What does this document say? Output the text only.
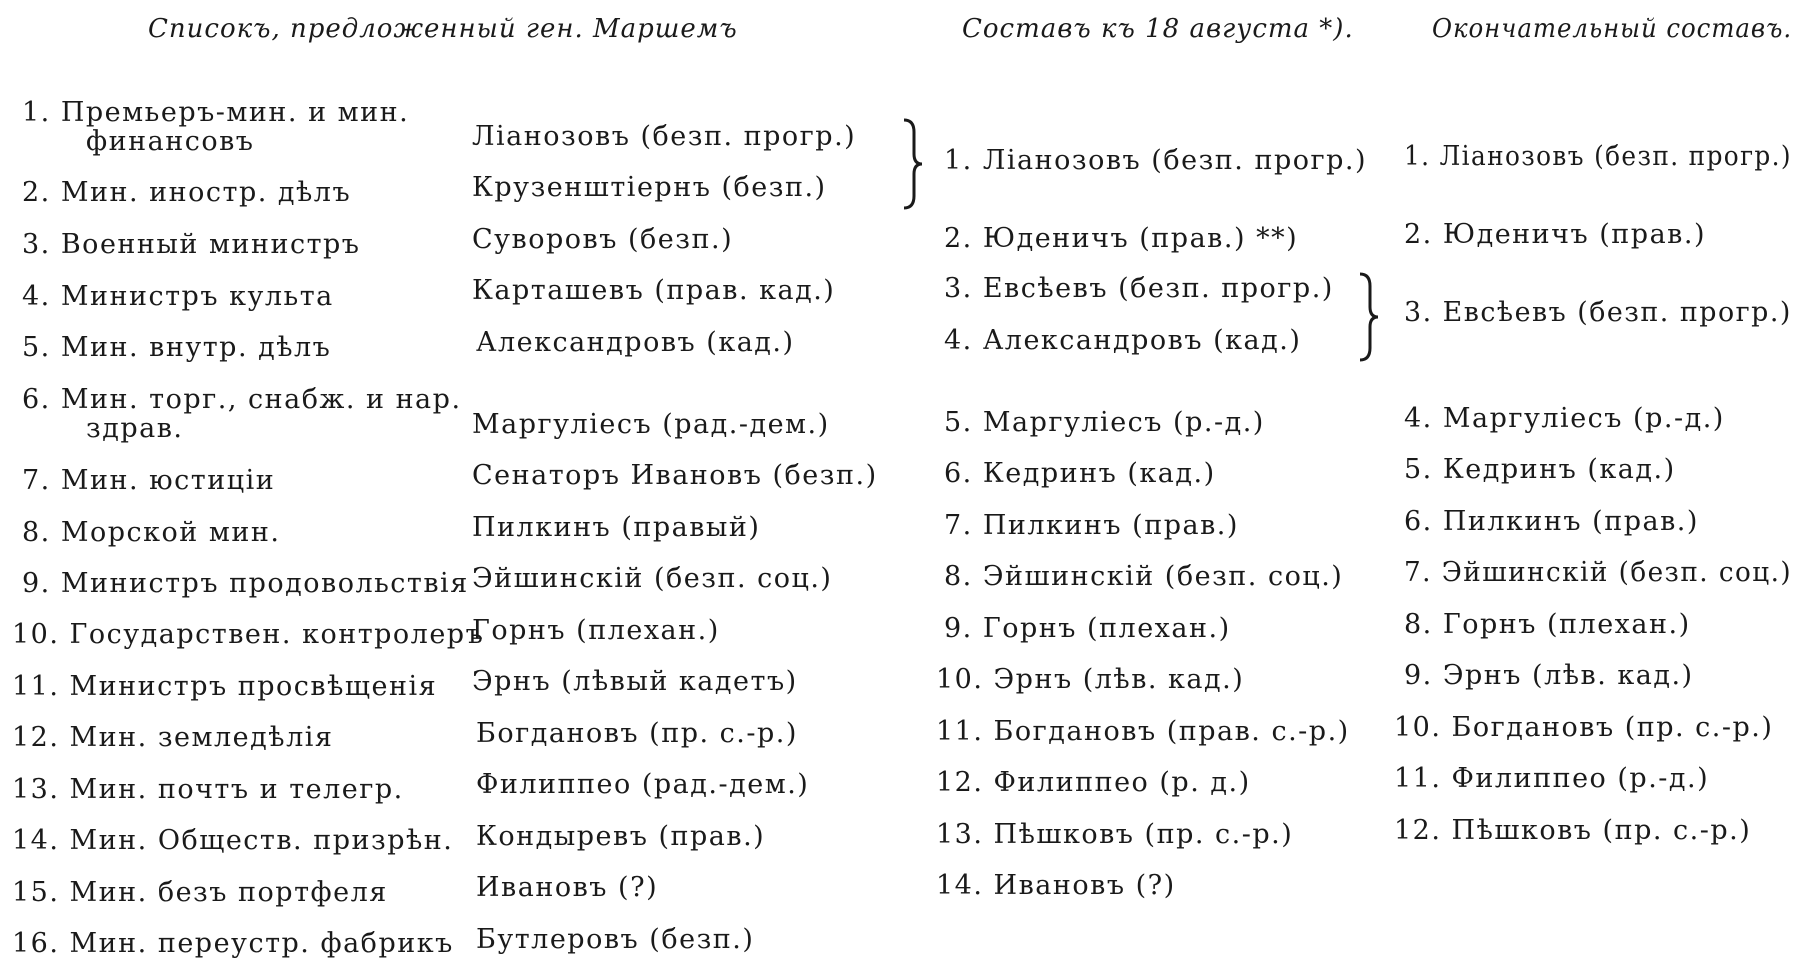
Списокъ, предложенный ген. Маршемъ	Составъ къ 18 августа *).	Окончательный составъ.
1. Премьеръ-мин. и мин.
финансовъ
2. Мин. иностр. дѣлъ
3. Военный министръ
4. Министръ культа
5. Мин. внутр. дѣлъ
6. Мин. торг., снабж. и нар.
здрав.
7. Мин. юстиціи
8. Морской мин.
9. Министръ продовольствія
10. Государствен. контролеръ
11. Министръ просвѣщенія
12. Мин. земледѣлія
13. Мин. почтъ и телегр.
14. Мин. Обществ. призрѣн.
15. Мин. безъ портфеля
16. Мин. переустр. фабрикъ
Ліанозовъ (безп. прогр.)
Крузенштіернъ (безп.)
Суворовъ (безп.)
Карташевъ (прав. кад.)
Александровъ (кад.)
Маргуліесъ (рад.-дем.)
Сенаторъ Ивановъ (безп.)
Пилкинъ (правый)
Эйшинскій (безп. соц.)
Горнъ (плехан.)
Эрнъ (лѣвый кадетъ)
Богдановъ (пр. с.-р.)
Филиппео (рад.-дем.)
Кондыревъ (прав.)
Ивановъ (?)
Бутлеровъ (безп.)
1. Ліанозовъ (безп. прогр.)
2. Юденичъ (прав.) **)
3. Евсѣевъ (безп. прогр.)
4. Александровъ (кад.)
5. Маргуліесъ (р.-д.)
6. Кедринъ (кад.)
7. Пилкинъ (прав.)
8. Эйшинскій (безп. соц.)
9. Горнъ (плехан.)
10. Эрнъ (лѣв. кад.)
11. Богдановъ (прав. с.-р.)
12. Филиппео (р. д.)
13. Пѣшковъ (пр. с.-р.)
14. Ивановъ (?)
1. Ліанозовъ (безп. прогр.)
2. Юденичъ (прав.)
3. Евсѣевъ (безп. прогр.)
4. Маргуліесъ (р.-д.)
5. Кедринъ (кад.)
6. Пилкинъ (прав.)
7. Эйшинскій (безп. соц.)
8. Горнъ (плехан.)
9. Эрнъ (лѣв. кад.)
10. Богдановъ (пр. с.-р.)
11. Филиппео (р.-д.)
12. Пѣшковъ (пр. с.-р.)
